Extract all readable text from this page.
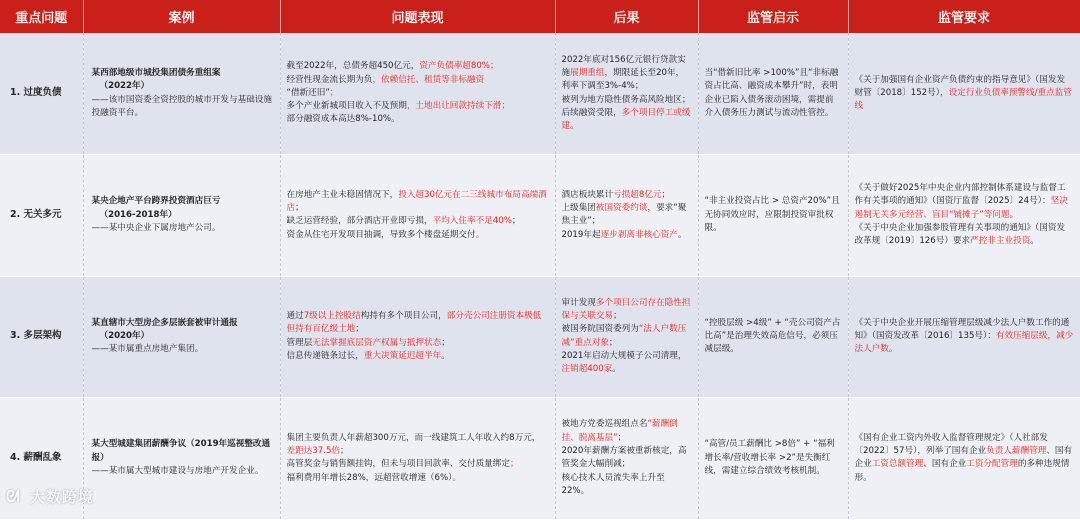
重点问题	案例	问题表现	后果	监管启示	监管要求
1. 过度负债	某西部地级市城投集团债务重组案
（2022年）
——该市国资委全资控股的城市开发与基础设施投融资平台。	截至2022年，总债务超450亿元，资产负债率超80%；
经营性现金流长期为负，依赖信托、租赁等非标融资
“借新还旧”；
多个产业新城项目收入不及预期，土地出让回款持续下滑；
部分融资成本高达8%-10%。	2022年底对156亿元银行贷款实施展期重组，期限延长至20年，利率下调至3%-4%；
被列为地方隐性债务高风险地区；后续融资受限，多个项目停工或缓建。	当“借新旧比率 >100%”且“非标融资占比高、融资成本攀升”时，表明企业已陷入债务滚动困境，需提前介入债务压力测试与流动性管控。	《关于加强国有企业资产负债约束的指导意见》（国发发财管〔2018〕152号），设定行业负债率预警线/重点监管线

2. 无关多元	某央企地产平台跨界投资酒店巨亏
（2016-2018年）
——某中央企业下属房地产公司。	在房地产主业未稳固情况下，投入超30亿元在二三线城市布局高端酒店；
缺乏运营经验，部分酒店开业即亏损，平均入住率不足40%；
资金从住宅开发项目抽调，导致多个楼盘延期交付。	酒店板块累计亏损超8亿元；
上级集团被国资委约谈，要求“聚焦主业”；
2019年起逐步剥离非核心资产。	“非主业投资占比 > 总资产20%”且无协同效应时，应限制投资审批权限。	《关于做好2025年中央企业内部控制体系建设与监督工作有关事项的通知》（国资厅监督〔2025〕24号）：坚决遏制无关多元经营、盲目“铺摊子”等问题。
《关于中央企业加强参股管理有关事项的通知》（国资发改革规〔2019〕126号）要求严控非主业投资。

3. 多层架构	某直辖市大型房企多层嵌套被审计通报
（2020年）
——某市属重点房地产集团。	通过7级以上控股结构持有多个项目公司，部分壳公司注册资本极低但持有百亿级土地；
管理层无法掌握底层资产权属与抵押状态；
信息传递链条过长，重大决策延迟超半年。	审计发现多个项目公司存在隐性担保与关联交易；
被国务院国资委列为“法人户数压减”重点对象；
2021年启动大规模子公司清理，注销超400家。	“控股层级 >4级” + “壳公司资产占比高”是治理失效高危信号，必须压减层级。	《关于中央企业开展压缩管理层级减少法人户数工作的通知》（国资发改革〔2016〕135号）：有效压缩层级，减少法人户数。

4. 薪酬乱象	某大型城建集团薪酬争议（2019年巡视整改通报）
——某市属大型城市建设与房地产开发企业。	集团主要负责人年薪超300万元，而一线建筑工人年收入约8万元，差距达37.5倍；
高管奖金与销售额挂钩，但未与项目回款率、交付质量绑定；
福利费用年增长28%，远超营收增速（6%）。	被地方党委巡视组点名“薪酬倒挂、脱离基层”；
2020年薪酬方案被重新核定，高管奖金大幅削减；
核心技术人员流失率上升至22%。	“高管/员工薪酬比 >8倍” + “福利增长率/营收增长率 >2”是失衡红线，需建立综合绩效考核机制。	《国有企业工资内外收入监督管理规定》（人社部发〔2022〕57号），列举了国有企业负责人薪酬管理、国有企业工资总额管理、国有企业工资分配管理的多种违规情形。
ᘛ 大数跨境
